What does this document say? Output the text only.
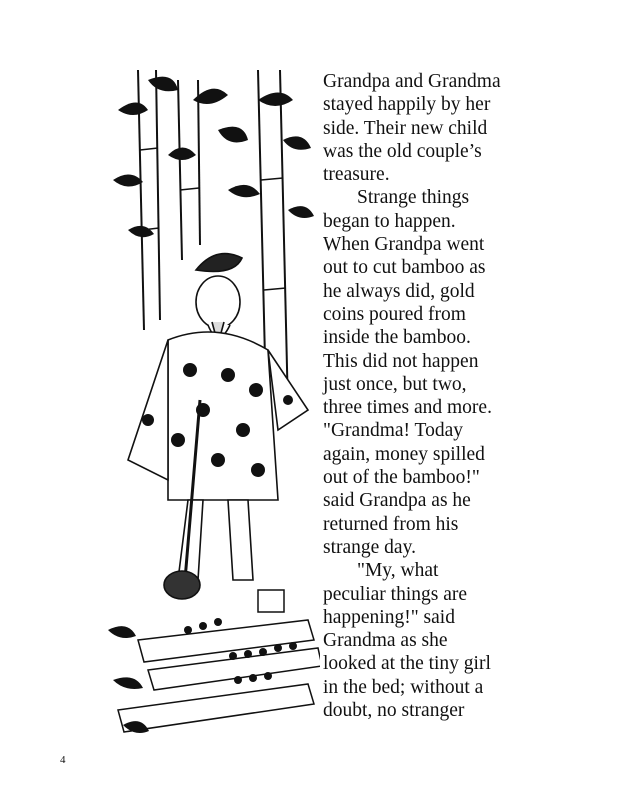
Grandpa and Grandma
stayed happily by her
side. Their new child
was the old couple’s
treasure.
Strange things
began to happen.
When Grandpa went
out to cut bamboo as
he always did, gold
coins poured from
inside the bamboo.
This did not happen
just once, but two,
three times and more.
"Grandma! Today
again, money spilled
out of the bamboo!"
said Grandpa as he
returned from his
strange day.
"My, what
peculiar things are
happening!" said
Grandma as she
looked at the tiny girl
in the bed; without a
doubt, no stranger
4
